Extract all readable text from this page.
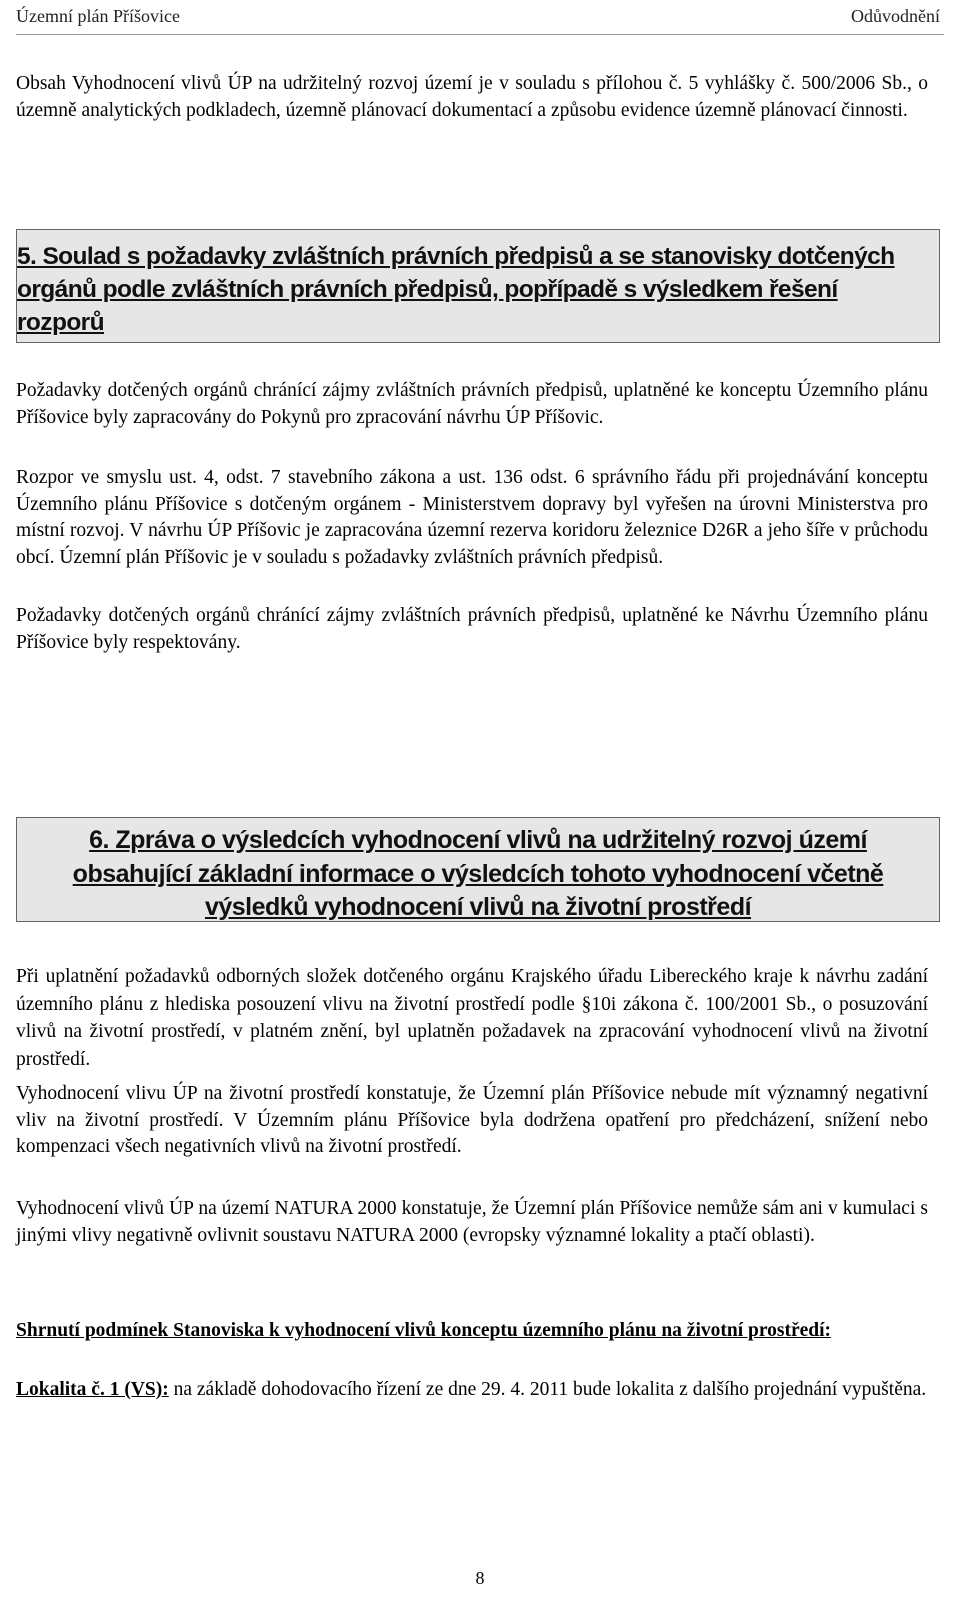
Územní plán Příšovice	Odůvodnění

Obsah Vyhodnocení vlivů ÚP na udržitelný rozvoj území je v souladu s přílohou č. 5 vyhlášky č. 500/2006 Sb., o územně analytických podkladech, územně plánovací dokumentací a způsobu evidence územně plánovací činnosti.

5. Soulad s požadavky zvláštních právních předpisů a se stanovisky dotčených orgánů podle zvláštních právních předpisů, popřípadě s výsledkem řešení rozporů

Požadavky dotčených orgánů chránící zájmy zvláštních právních předpisů, uplatněné ke konceptu Územního plánu Příšovice byly zapracovány do Pokynů pro zpracování návrhu ÚP Příšovic.

Rozpor ve smyslu ust. 4, odst. 7 stavebního zákona a ust. 136 odst. 6 správního řádu při projednávání konceptu Územního plánu Příšovice s dotčeným orgánem - Ministerstvem dopravy byl vyřešen na úrovni Ministerstva pro místní rozvoj. V návrhu ÚP Příšovic je zapracována územní rezerva koridoru železnice D26R a jeho šíře v průchodu obcí. Územní plán Příšovic je v souladu s požadavky zvláštních právních předpisů.

Požadavky dotčených orgánů chránící zájmy zvláštních právních předpisů, uplatněné ke Návrhu Územního plánu Příšovice byly respektovány.

6. Zpráva o výsledcích vyhodnocení vlivů na udržitelný rozvoj území

obsahující základní informace o výsledcích tohoto vyhodnocení včetně

výsledků vyhodnocení vlivů na životní prostředí

Při uplatnění požadavků odborných složek dotčeného orgánu Krajského úřadu Libereckého kraje k návrhu zadání územního plánu z hlediska posouzení vlivu na životní prostředí podle §10i zákona č. 100/2001 Sb., o posuzování vlivů na životní prostředí, v platném znění, byl uplatněn požadavek na zpracování vyhodnocení vlivů na životní prostředí.

Vyhodnocení vlivu ÚP na životní prostředí konstatuje, že Územní plán Příšovice nebude mít významný negativní vliv na životní prostředí. V Územním plánu Příšovice byla dodržena opatření pro předcházení, snížení nebo kompenzaci všech negativních vlivů na životní prostředí.

Vyhodnocení vlivů ÚP na území NATURA 2000 konstatuje, že Územní plán Příšovice nemůže sám ani v kumulaci s jinými vlivy negativně ovlivnit soustavu NATURA 2000 (evropsky významné lokality a ptačí oblasti).

Shrnutí podmínek Stanoviska k vyhodnocení vlivů konceptu územního plánu na životní prostředí:

Lokalita č. 1 (VS): na základě dohodovacího řízení ze dne 29. 4. 2011 bude lokalita z dalšího projednání vypuštěna.

8
